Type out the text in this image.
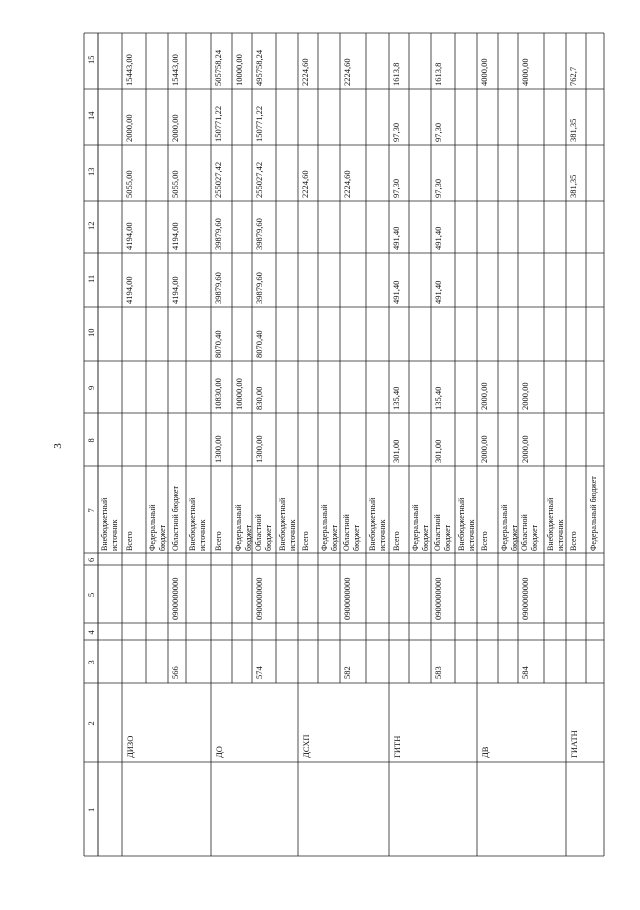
3
1
2
3
4
5
6
7
8
9
10
11
12
13
14
15
Внебюджетный источник Всего
ДИЗО
4194,00
4194,00
5055,00
2000,00
15443,00
Федеральный бюджет Областной бюджет
566
0900000000
4194,00
4194,00
5055,00
2000,00
15443,00
Внебюджетный источник Всего
ДО
1300,00
10830,00
8070,40
39879,60
39879,60
255027,42
150771,22
505758,24
Федеральный бюджет
10000,00
10000,00
Областной бюджет
574
0900000000
1300,00
830,00
8070,40
39879,60
39879,60
255027,42
150771,22
495758,24
Внебюджетный источник Всего
ДСХП
2224,60
2224,60
Федеральный бюджет Областной бюджет
582
0900000000
2224,60
2224,60
Внебюджетный источник Всего
ГИТН
301,00
135,40
491,40
491,40
97,30
97,30
1613,8
Федеральный бюджет Областной бюджет
583
0900000000
301,00
135,40
491,40
491,40
97,30
97,30
1613,8
Внебюджетный источник Всего
ДВ
2000,00
2000,00
4000,00
Федеральный бюджет Областной бюджет
584
0900000000
2000,00
2000,00
4000,00
Внебюджетный источник Всего
ГИАТН
381,35
381,35
762,7
Федеральный бюджет
